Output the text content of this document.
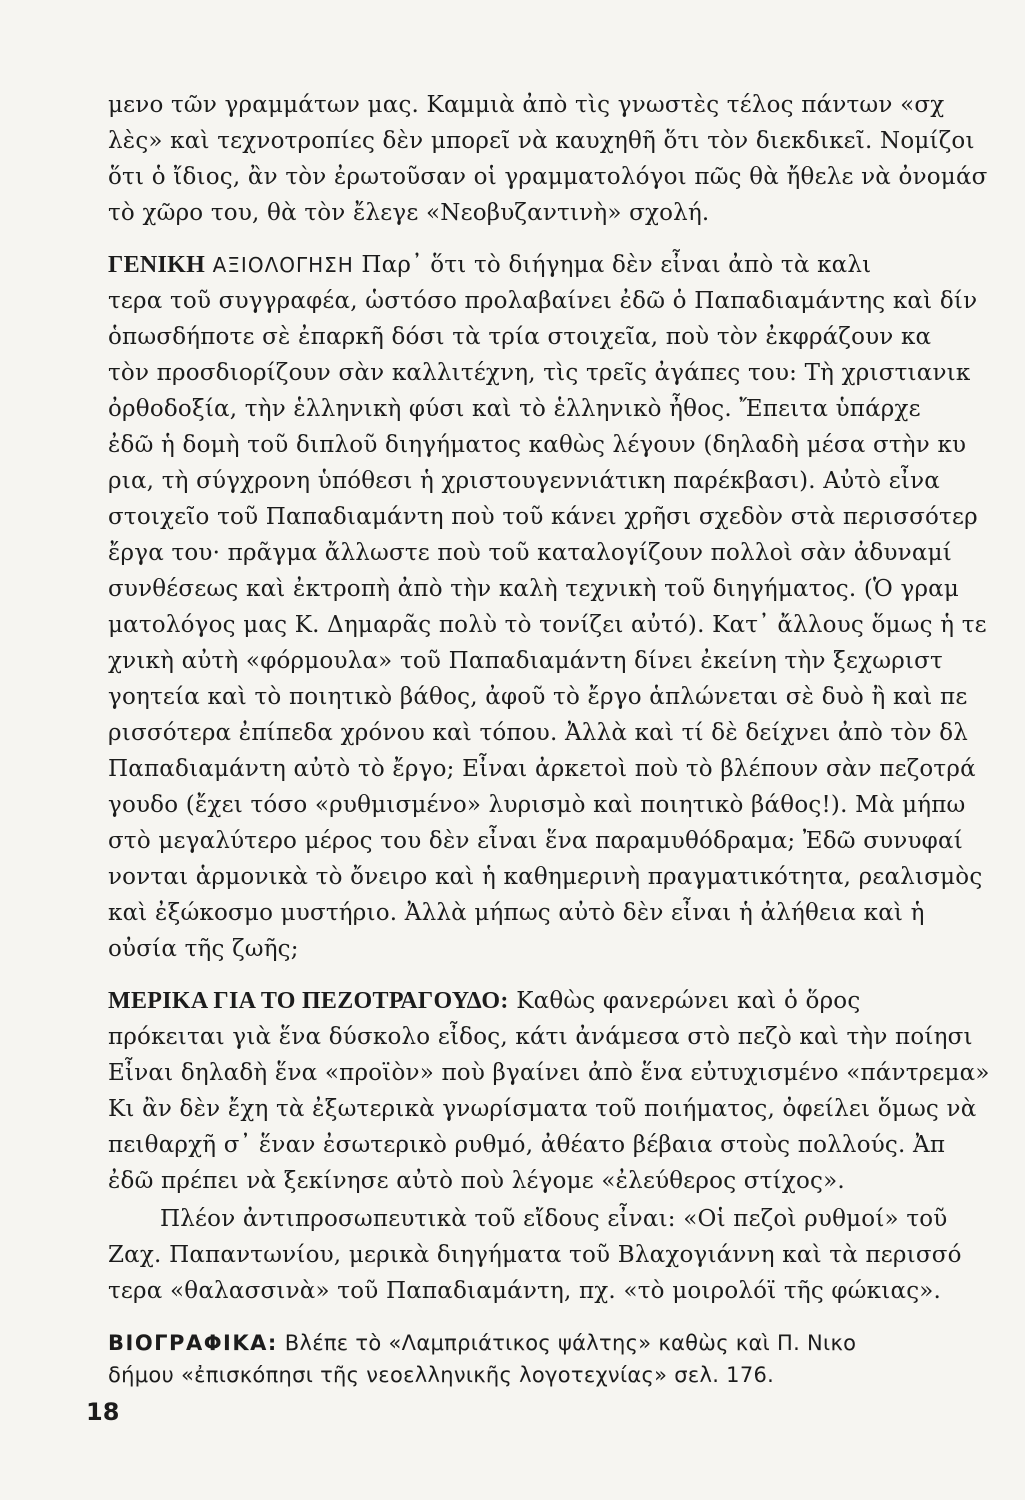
μενο τῶν γραμμάτων μας. Καμμιὰ ἀπὸ τὶς γνωστὲς τέλος πάντων «σχ
λὲς» καὶ τεχνοτροπίες δὲν μπορεῖ νὰ καυχηθῆ ὅτι τὸν διεκδικεῖ. Νομίζοι
ὅτι ὁ ἴδιος, ἂν τὸν ἐρωτοῦσαν οἱ γραμματολόγοι πῶς θὰ ἤθελε νὰ ὀνομάσ
τὸ χῶρο του, θὰ τὸν ἔλεγε «Νεοβυζαντινὴ» σχολή.
ΓΕΝΙΚΗ ΑΞΙΟΛΟΓΗΣΗ Παρ᾽ ὅτι τὸ διήγημα δὲν εἶναι ἀπὸ τὰ καλι
τερα τοῦ συγγραφέα, ὡστόσο προλαβαίνει ἐδῶ ὁ Παπαδιαμάντης καὶ δίν
ὁπωσδήποτε σὲ ἐπαρκῆ δόσι τὰ τρία στοιχεῖα, ποὺ τὸν ἐκφράζουν κα
τὸν προσδιορίζουν σὰν καλλιτέχνη, τὶς τρεῖς ἀγάπες του: Τὴ χριστιανικ
ὀρθοδοξία, τὴν ἑλληνικὴ φύσι καὶ τὸ ἑλληνικὸ ἦθος. Ἔπειτα ὑπάρχε
ἐδῶ ἡ δομὴ τοῦ διπλοῦ διηγήματος καθὼς λέγουν (δηλαδὴ μέσα στὴν κυ
ρια, τὴ σύγχρονη ὑπόθεσι ἡ χριστουγεννιάτικη παρέκβασι). Αὐτὸ εἶνα
στοιχεῖο τοῦ Παπαδιαμάντη ποὺ τοῦ κάνει χρῆσι σχεδὸν στὰ περισσότερ
ἔργα του· πρᾶγμα ἄλλωστε ποὺ τοῦ καταλογίζουν πολλοὶ σὰν ἀδυναμί
συνθέσεως καὶ ἐκτροπὴ ἀπὸ τὴν καλὴ τεχνικὴ τοῦ διηγήματος. (Ὁ γραμ
ματολόγος μας Κ. Δημαρᾶς πολὺ τὸ τονίζει αὐτό). Κατ᾽ ἄλλους ὅμως ἡ τε
χνικὴ αὐτὴ «φόρμουλα» τοῦ Παπαδιαμάντη δίνει ἐκείνη τὴν ξεχωριστ
γοητεία καὶ τὸ ποιητικὸ βάθος, ἀφοῦ τὸ ἔργο ἁπλώνεται σὲ δυὸ ἢ καὶ πε
ρισσότερα ἐπίπεδα χρόνου καὶ τόπου. Ἀλλὰ καὶ τί δὲ δείχνει ἀπὸ τὸν δλ
Παπαδιαμάντη αὐτὸ τὸ ἔργο; Εἶναι ἀρκετοὶ ποὺ τὸ βλέπουν σὰν πεζοτρά
γουδο (ἔχει τόσο «ρυθμισμένο» λυρισμὸ καὶ ποιητικὸ βάθος!). Μὰ μήπω
στὸ μεγαλύτερο μέρος του δὲν εἶναι ἕνα παραμυθόδραμα; Ἐδῶ συνυφαί
νονται ἁρμονικὰ τὸ ὄνειρο καὶ ἡ καθημερινὴ πραγματικότητα, ρεαλισμὸς
καὶ ἐξώκοσμο μυστήριο. Ἀλλὰ μήπως αὐτὸ δὲν εἶναι ἡ ἀλήθεια καὶ ἡ
οὐσία τῆς ζωῆς;
ΜΕΡΙΚΑ ΓΙΑ ΤΟ ΠΕΖΟΤΡΑΓΟΥΔΟ: Καθὼς φανερώνει καὶ ὁ ὅρος
πρόκειται γιὰ ἕνα δύσκολο εἶδος, κάτι ἀνάμεσα στὸ πεζὸ καὶ τὴν ποίησι
Εἶναι δηλαδὴ ἕνα «προϊὸν» ποὺ βγαίνει ἀπὸ ἕνα εὐτυχισμένο «πάντρεμα»
Κι ἂν δὲν ἔχη τὰ ἐξωτερικὰ γνωρίσματα τοῦ ποιήματος, ὀφείλει ὅμως νὰ
πειθαρχῆ σ᾽ ἕναν ἐσωτερικὸ ρυθμό, ἀθέατο βέβαια στοὺς πολλούς. Ἀπ
ἐδῶ πρέπει νὰ ξεκίνησε αὐτὸ ποὺ λέγομε «ἐλεύθερος στίχος».
Πλέον ἀντιπροσωπευτικὰ τοῦ εἴδους εἶναι: «Οἱ πεζοὶ ρυθμοί» τοῦ
Ζαχ. Παπαντωνίου, μερικὰ διηγήματα τοῦ Βλαχογιάννη καὶ τὰ περισσό
τερα «θαλασσινὰ» τοῦ Παπαδιαμάντη, πχ. «τὸ μοιρολόϊ τῆς φώκιας».
ΒΙΟΓΡΑΦΙΚΑ: Βλέπε τὸ «Λαμπριάτικος ψάλτης» καθὼς καὶ Π. Νικο
δήμου «ἐπισκόπησι τῆς νεοελληνικῆς λογοτεχνίας» σελ. 176.
18
